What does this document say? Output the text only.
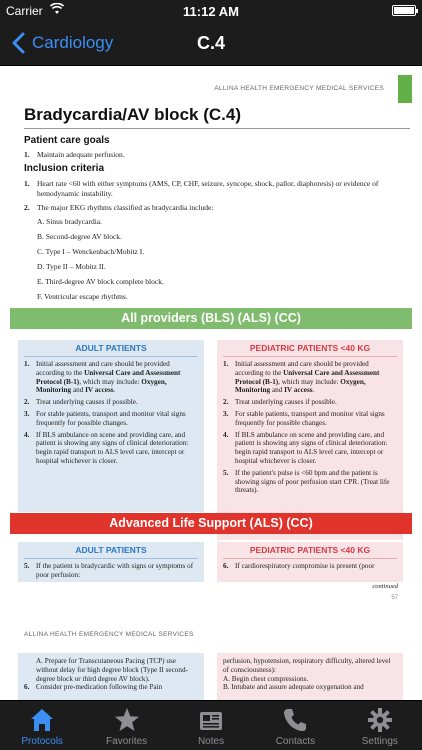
Carrier	11:12 AM
Cardiology	C.4
ALLINA HEALTH EMERGENCY MEDICAL SERVICES
Bradycardia/AV block (C.4)
Patient care goals
1. Maintain adequate perfusion.
Inclusion criteria
1. Heart rate <60 with either symptoms (AMS, CP, CHF, seizure, syncope, shock, pallor, diaphoresis) or evidence of hemodynamic instability.
2. The major EKG rhythms classified as bradycardia include:
A. Sinus bradycardia.
B. Second-degree AV block.
C. Type I – Wenckenbach/Mobitz I.
D. Type II – Mobitz II.
E. Third-degree AV block complete block.
F. Ventricular escape rhythms.
All providers (BLS) (ALS) (CC)
ADULT PATIENTS
1. Initial assessment and care should be provided according to the Universal Care and Assessment Protocol (B-1), which may include: Oxygen, Monitoring and IV access.
2. Treat underlying causes if possible.
3. For stable patients, transport and monitor vital signs frequently for possible changes.
4. If BLS ambulance on scene and providing care, and patient is showing any signs of clinical deterioration: begin rapid transport to ALS level care, intercept or hospital whichever is closer.
PEDIATRIC PATIENTS <40 KG
1. Initial assessment and care should be provided according to the Universal Care and Assessment Protocol (B-1), which may include: Oxygen, Monitoring and IV access.
2. Treat underlying causes if possible.
3. For stable patients, transport and monitor vital signs frequently for possible changes.
4. If BLS ambulance on scene and providing care, and patient is showing any signs of clinical deterioration: begin rapid transport to ALS level care, intercept or hospital whichever is closer.
5. If the patient's pulse is <60 bpm and the patient is showing signs of poor perfusion start CPR. (Treat life threats).
Advanced Life Support (ALS) (CC)
ADULT PATIENTS
5. If the patient is bradycardic with signs or symptoms of poor perfusion:
PEDIATRIC PATIENTS <40 KG
6. If cardiorespiratory compromise is present (poor
continued
57
ALLINA HEALTH EMERGENCY MEDICAL SERVICES
A. Prepare for Transcutaneous Pacing (TCP) use without delay for high degree block (Type II second-degree block or third degree AV block).
6. Consider pre-medication following the Pain
perfusion, hypotension, respiratory difficulty, altered level of consciousness):
A. Begin chest compressions.
B. Intubate and assure adequate oxygenation and
Protocols	Favorites	Notes	Contacts	Settings
